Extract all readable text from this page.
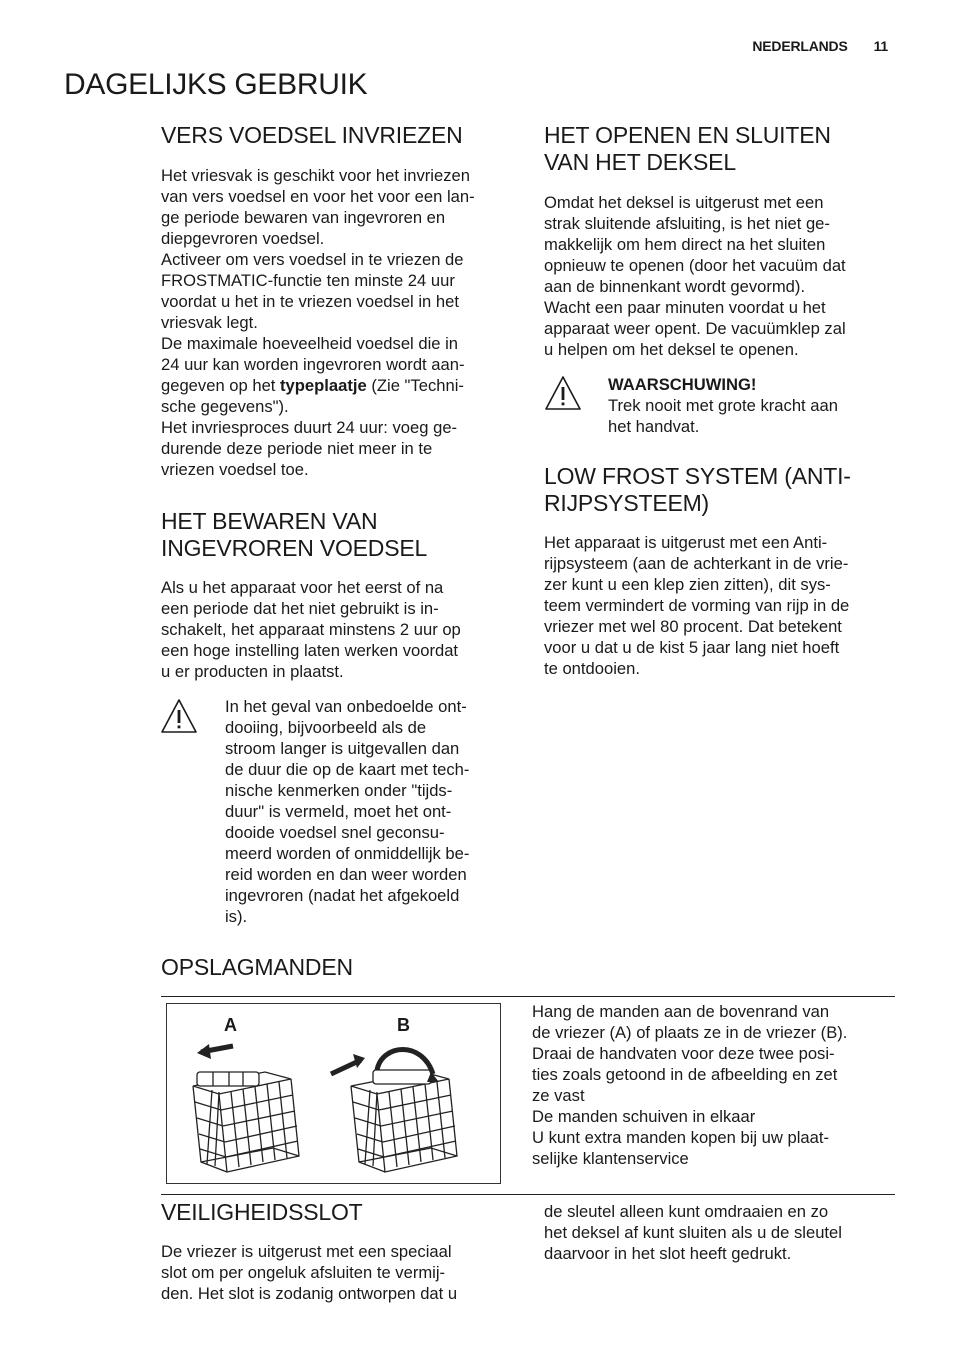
NEDERLANDS 11
DAGELIJKS GEBRUIK
VERS VOEDSEL INVRIEZEN

Het vriesvak is geschikt voor het invriezen
van vers voedsel en voor het voor een lan-
ge periode bewaren van ingevroren en
diepgevroren voedsel.

Activeer om vers voedsel in te vriezen de
FROSTMATIC-functie ten minste 24 uur
voordat u het in te vriezen voedsel in het
vriesvak legt.

De maximale hoeveelheid voedsel die in
24 uur kan worden ingevroren wordt aan-
gegeven op het typeplaatje (Zie "Techni-
sche gegevens").

Het invriesproces duurt 24 uur: voeg ge-
durende deze periode niet meer in te
vriezen voedsel toe.

HET BEWAREN VAN
INGEVROREN VOEDSEL
Als u het apparaat voor het eerst of na
een periode dat het niet gebruikt is in-
schakelt, het apparaat minstens 2 uur op
een hoge instelling laten werken voordat
u er producten in plaatst.
In het geval van onbedoelde ont-
dooiing, bijvoorbeeld als de
stroom langer is uitgevallen dan
de duur die op de kaart met tech-
nische kenmerken onder "tijds-
duur" is vermeld, moet het ont-
dooide voedsel snel geconsu-
meerd worden of onmiddellijk be-
reid worden en dan weer worden
ingevroren (nadat het afgekoeld
is).
HET OPENEN EN SLUITEN
VAN HET DEKSEL
Omdat het deksel is uitgerust met een
strak sluitende afsluiting, is het niet ge-
makkelijk om hem direct na het sluiten
opnieuw te openen (door het vacuüm dat
aan de binnenkant wordt gevormd).
Wacht een paar minuten voordat u het
apparaat weer opent. De vacuümklep zal
u helpen om het deksel te openen.
WAARSCHUWING!
Trek nooit met grote kracht aan
het handvat.
LOW FROST SYSTEM (ANTI-
RIJPSYSTEEM)
Het apparaat is uitgerust met een Anti-
rijpsysteem (aan de achterkant in de vrie-
zer kunt u een klep zien zitten), dit sys-
teem vermindert de vorming van rijp in de
vriezer met wel 80 procent. Dat betekent
voor u dat u de kist 5 jaar lang niet hoeft
te ontdooien.
OPSLAGMANDEN
A	B
Hang de manden aan de bovenrand van
de vriezer (A) of plaats ze in de vriezer (B).
Draai de handvaten voor deze twee posi-
ties zoals getoond in de afbeelding en zet
ze vast
De manden schuiven in elkaar
U kunt extra manden kopen bij uw plaat-
selijke klantenservice
VEILIGHEIDSSLOT
De vriezer is uitgerust met een speciaal
slot om per ongeluk afsluiten te vermij-
den. Het slot is zodanig ontworpen dat u
de sleutel alleen kunt omdraaien en zo
het deksel af kunt sluiten als u de sleutel
daarvoor in het slot heeft gedrukt.
